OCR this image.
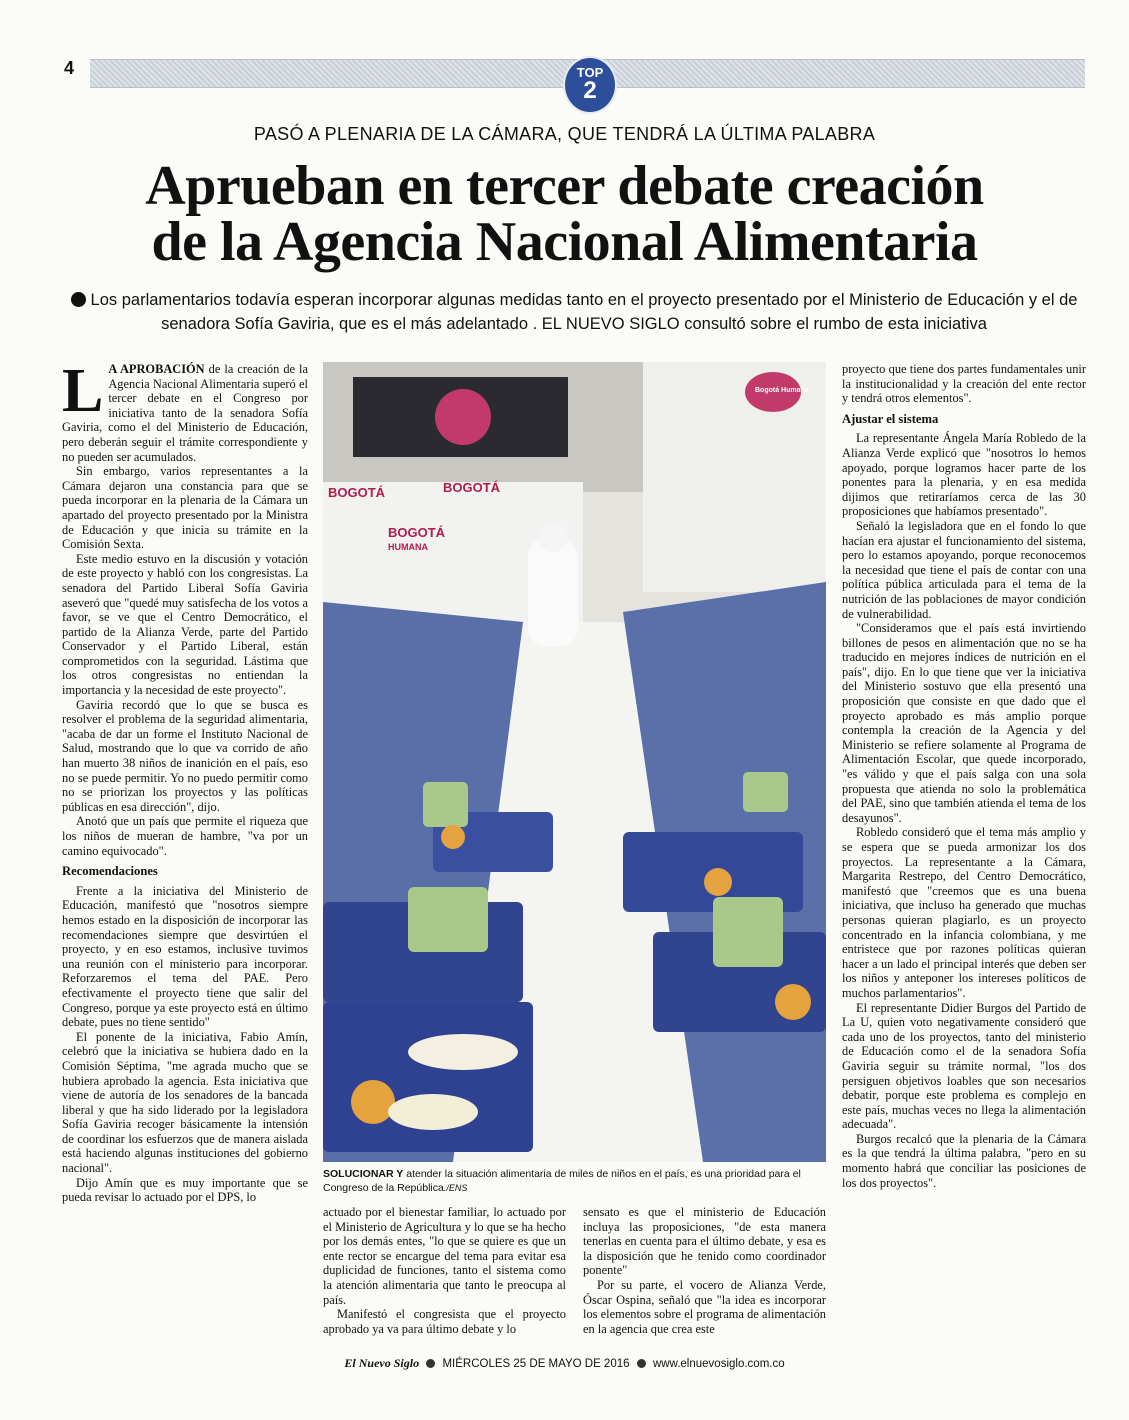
4	TOP
2
PASÓ A PLENARIA DE LA CÁMARA, QUE TENDRÁ LA ÚLTIMA PALABRA
Aprueban en tercer debate creación
de la Agencia Nacional Alimentaria
Los parlamentarios todavía esperan incorporar algunas medidas tanto en el proyecto presentado por el Ministerio de Educación y el de senadora Sofía Gaviria, que es el más adelantado . EL NUEVO SIGLO consultó sobre el rumbo de esta iniciativa

L A APROBACIÓN de la creación de la Agencia Nacional Alimentaria superó el tercer debate en el Congreso por iniciativa tanto de la senadora Sofía Gaviria, como el del Ministerio de Educación, pero deberán seguir el trámite correspondiente y no pueden ser acumulados.

Sin embargo, varios representantes a la Cámara dejaron una constancia para que se pueda incorporar en la plenaria de la Cámara un apartado del proyecto presentado por la Ministra de Educación y que inicia su trámite en la Comisión Sexta.

Este medio estuvo en la discusión y votación de este proyecto y habló con los congresistas. La senadora del Partido Liberal Sofía Gaviria aseveró que "quedé muy satisfecha de los votos a favor, se ve que el Centro Democrático, el partido de la Alianza Verde, parte del Partido Conservador y el Partido Liberal, están comprometidos con la seguridad. Lástima que los otros congresistas no entiendan la importancia y la necesidad de este proyecto".

Gaviria recordó que lo que se busca es resolver el problema de la seguridad alimentaria, "acaba de dar un forme el Instituto Nacional de Salud, mostrando que lo que va corrido de año han muerto 38 niños de inanición en el país, eso no se puede permitir. Yo no puedo permitir como no se priorizan los proyectos y las políticas públicas en esa dirección", dijo.

Anotó que un país que permite el riqueza que los niños de mueran de hambre, "va por un camino equivocado".

Recomendaciones

Frente a la iniciativa del Ministerio de Educación, manifestó que "nosotros siempre hemos estado en la disposición de incorporar las recomendaciones siempre que desvirtúen el proyecto, y en eso estamos, inclusive tuvimos una reunión con el ministerio para incorporar. Reforzaremos el tema del PAE. Pero efectivamente el proyecto tiene que salir del Congreso, porque ya este proyecto está en último debate, pues no tiene sentido"

El ponente de la iniciativa, Fabio Amín, celebró que la iniciativa se hubiera dado en la Comisión Séptima, "me agrada mucho que se hubiera aprobado la agencia. Esta iniciativa que viene de autoría de los senadores de la bancada liberal y que ha sido liderado por la legisladora Sofía Gaviria recoger básicamente la intensión de coordinar los esfuerzos que de manera aislada está haciendo algunas instituciones del gobierno nacional".

Dijo Amín que es muy importante que se pueda revisar lo actuado por el DPS, lo

BOGOTÁ	BOGOTÁ
BOGOTÁ
HUMANA
Bogotá Humana
SOLUCIONAR Y atender la situación alimentaria de miles de niños en el país, es una prioridad para el Congreso de la República./ENS

actuado por el bienestar familiar, lo actuado por el Ministerio de Agricultura y lo que se ha hecho por los demás entes, "lo que se quiere es que un ente rector se encargue del tema para evitar esa duplicidad de funciones, tanto el sistema como la atención alimentaria que tanto le preocupa al país.

Manifestó el congresista que el proyecto aprobado ya va para último debate y lo

sensato es que el ministerio de Educación incluya las proposiciones, "de esta manera tenerlas en cuenta para el último debate, y esa es la disposición que he tenido como coordinador ponente"

Por su parte, el vocero de Alianza Verde, Óscar Ospina, señaló que "la idea es incorporar los elementos sobre el programa de alimentación en la agencia que crea este

proyecto que tiene dos partes fundamentales unir la institucionalidad y la creación del ente rector y tendrá otros elementos".

Ajustar el sistema

La representante Ángela María Robledo de la Alianza Verde explicó que "nosotros lo hemos apoyado, porque logramos hacer parte de los ponentes para la plenaria, y en esa medida dijimos que retiraríamos cerca de las 30 proposiciones que habíamos presentado".

Señaló la legisladora que en el fondo lo que hacían era ajustar el funcionamiento del sistema, pero lo estamos apoyando, porque reconocemos la necesidad que tiene el país de contar con una política pública articulada para el tema de la nutrición de las poblaciones de mayor condición de vulnerabilidad.

"Consideramos que el país está invirtiendo billones de pesos en alimentación que no se ha traducido en mejores índices de nutrición en el país", dijo. En lo que tiene que ver la iniciativa del Ministerio sostuvo que ella presentó una proposición que consiste en que dado que el proyecto aprobado es más amplio porque contempla la creación de la Agencia y del Ministerio se refiere solamente al Programa de Alimentación Escolar, que quede incorporado, "es válido y que el país salga con una sola propuesta que atienda no solo la problemática del PAE, sino que también atienda el tema de los desayunos".

Robledo consideró que el tema más amplio y se espera que se pueda armonizar los dos proyectos. La representante a la Cámara, Margarita Restrepo, del Centro Democrático, manifestó que "creemos que es una buena iniciativa, que incluso ha generado que muchas personas quieran plagiarlo, es un proyecto concentrado en la infancia colombiana, y me entristece que por razones políticas quieran hacer a un lado el principal interés que deben ser los niños y anteponer los intereses políticos de muchos parlamentarios".

El representante Didier Burgos del Partido de La U, quien voto negativamente consideró que cada uno de los proyectos, tanto del ministerio de Educación como el de la senadora Sofía Gaviria seguir su trámite normal, "los dos persiguen objetivos loables que son necesarios debatir, porque este problema es complejo en este país, muchas veces no llega la alimentación adecuada".

Burgos recalcó que la plenaria de la Cámara es la que tendrá la última palabra, "pero en su momento habrá que conciliar las posiciones de los dos proyectos".

El Nuevo Siglo MIÉRCOLES 25 DE MAYO DE 2016 www.elnuevosiglo.com.co
